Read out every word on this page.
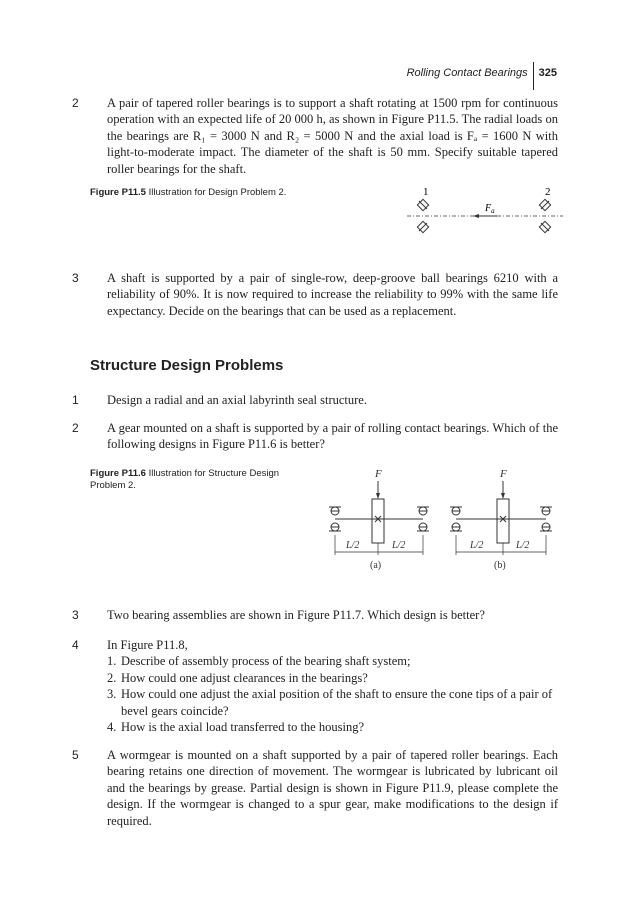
Rolling Contact Bearings	325
2	A pair of tapered roller bearings is to support a shaft rotating at 1500 rpm for continuous operation with an expected life of 20 000 h, as shown in Figure P11.5. The radial loads on the bearings are R₁ = 3000 N and R₂ = 5000 N and the axial load is Fₐ = 1600 N with light-to-moderate impact. The diameter of the shaft is 50 mm. Specify suitable tapered roller bearings for the shaft.
Figure P11.5 Illustration for Design Problem 2.	1	2
$F_a$
3	A shaft is supported by a pair of single-row, deep-groove ball bearings 6210 with a reliability of 90%. It is now required to increase the reliability to 99% with the same life expectancy. Decide on the bearings that can be used as a replacement.
Structure Design Problems
1	Design a radial and an axial labyrinth seal structure.
2	A gear mounted on a shaft is supported by a pair of rolling contact bearings. Which of the following designs in Figure P11.6 is better?
Figure P11.6 Illustration for Structure Design Problem 2.
F
L/2	L/2
(a)
F
L/2	L/2
(b)
3	Two bearing assemblies are shown in Figure P11.7. Which design is better?
4	In Figure P11.8,
1. Describe of assembly process of the bearing shaft system;
2. How could one adjust clearances in the bearings?
3. How could one adjust the axial position of the shaft to ensure the cone tips of a pair of bevel gears coincide?
4. How is the axial load transferred to the housing?
5	A wormgear is mounted on a shaft supported by a pair of tapered roller bearings. Each bearing retains one direction of movement. The wormgear is lubricated by lubricant oil and the bearings by grease. Partial design is shown in Figure P11.9, please complete the design. If the wormgear is changed to a spur gear, make modifications to the design if required.
